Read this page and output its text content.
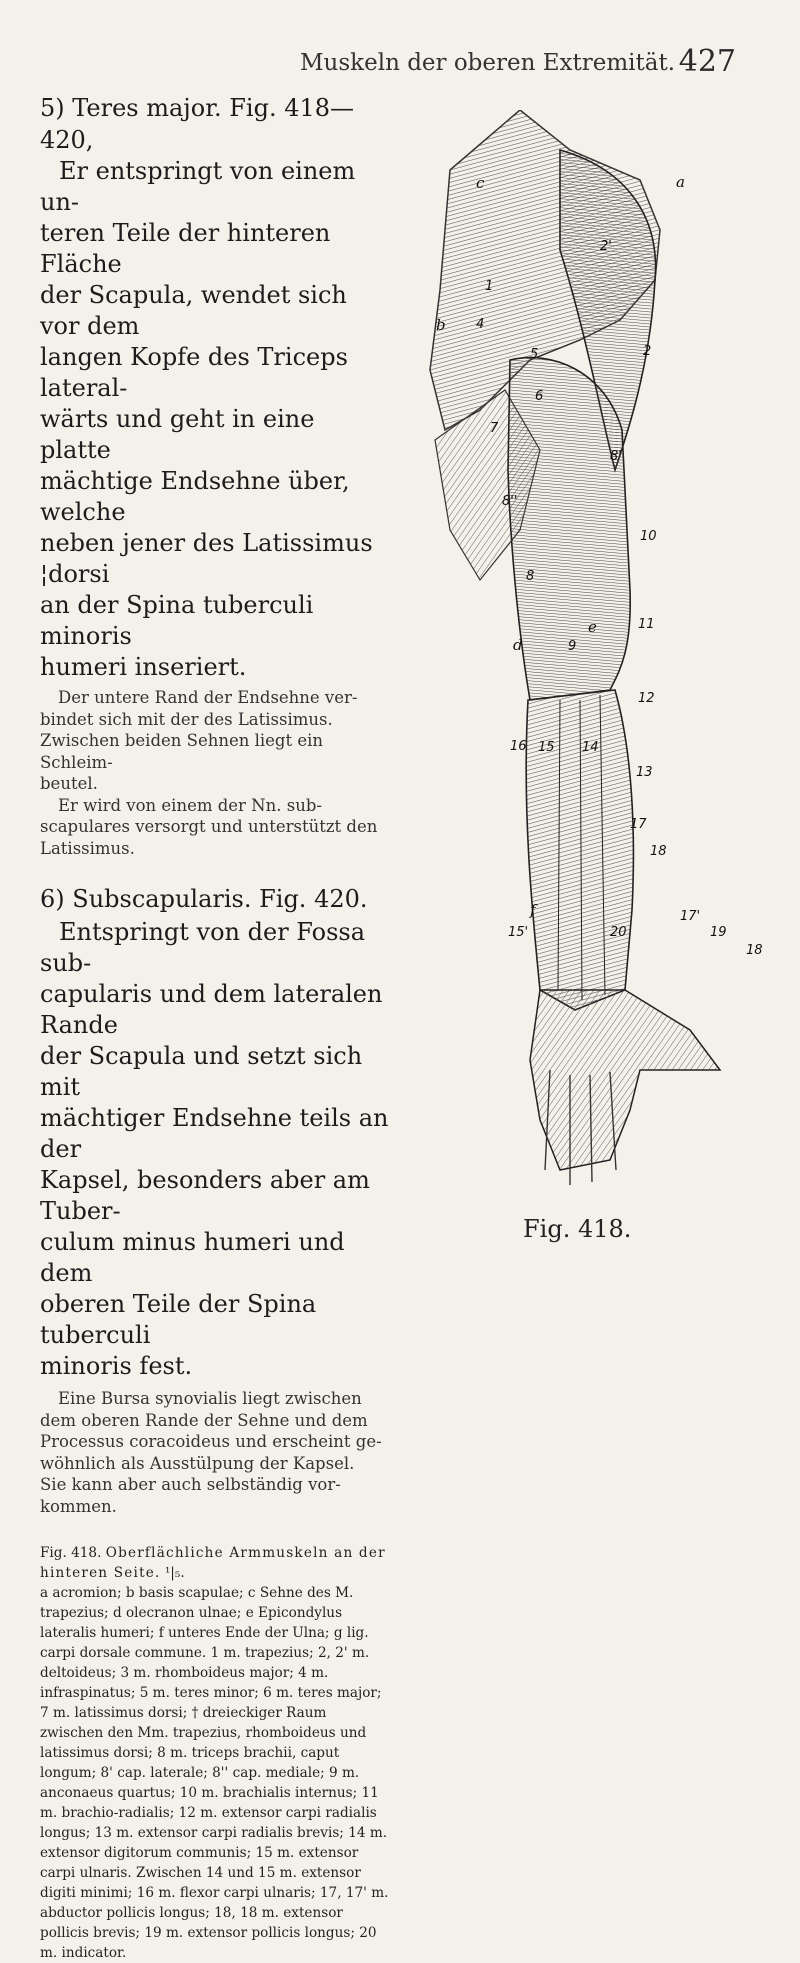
Muskeln der oberen Extremität. 427

5) Teres major. Fig. 418—420,

Er entspringt von einem un-

teren Teile der hinteren Fläche

der Scapula, wendet sich vor dem

langen Kopfe des Triceps lateral-

wärts und geht in eine platte

mächtige Endsehne über, welche

neben jener des Latissimus ¦dorsi

an der Spina tuberculi minoris

humeri inseriert.

Der untere Rand der Endsehne ver-

bindet sich mit der des Latissimus.

Zwischen beiden Sehnen liegt ein Schleim-

beutel.

Er wird von einem der Nn. sub-

scapulares versorgt und unterstützt den

Latissimus.

6) Subscapularis. Fig. 420.

Entspringt von der Fossa sub-

capularis und dem lateralen Rande

der Scapula und setzt sich mit

mächtiger Endsehne teils an der

Kapsel, besonders aber am Tuber-

culum minus humeri und dem

oberen Teile der Spina tuberculi

minoris fest.

Eine Bursa synovialis liegt zwischen

dem oberen Rande der Sehne und dem

Processus coracoideus und erscheint ge-

wöhnlich als Ausstülpung der Kapsel.

Sie kann aber auch selbständig vor-

kommen.

Fig. 418. Oberflächliche Armmuskeln an der hinteren Seite. ¹|₅.
a acromion; b basis scapulae; c Sehne des M. trapezius; d olecranon ulnae; e Epicondylus lateralis humeri; f unteres Ende der Ulna; g lig. carpi dorsale commune. 1 m. trapezius; 2, 2' m. deltoideus; 3 m. rhomboideus major; 4 m. infraspinatus; 5 m. teres minor; 6 m. teres major; 7 m. latissimus dorsi; † dreieckiger Raum zwischen den Mm. trapezius, rhomboideus und latissimus dorsi; 8 m. triceps brachii, caput longum; 8' cap. laterale; 8'' cap. mediale; 9 m. anconaeus quartus; 10 m. brachialis internus; 11 m. brachio-radialis; 12 m. extensor carpi radialis longus; 13 m. extensor carpi radialis brevis; 14 m. extensor digitorum communis; 15 m. extensor carpi ulnaris. Zwischen 14 und 15 m. extensor digiti minimi; 16 m. flexor carpi ulnaris; 17, 17' m. abductor pollicis longus; 18, 18 m. extensor pollicis brevis; 19 m. extensor pollicis longus; 20 m. indicator.
a
c
b
1
2
2'
4
5
6
7
8'
8''
8
10
11
d
e
9
12
16 15 14
13
17
18
f
15'	20
17'
19
18
Fig. 418.
